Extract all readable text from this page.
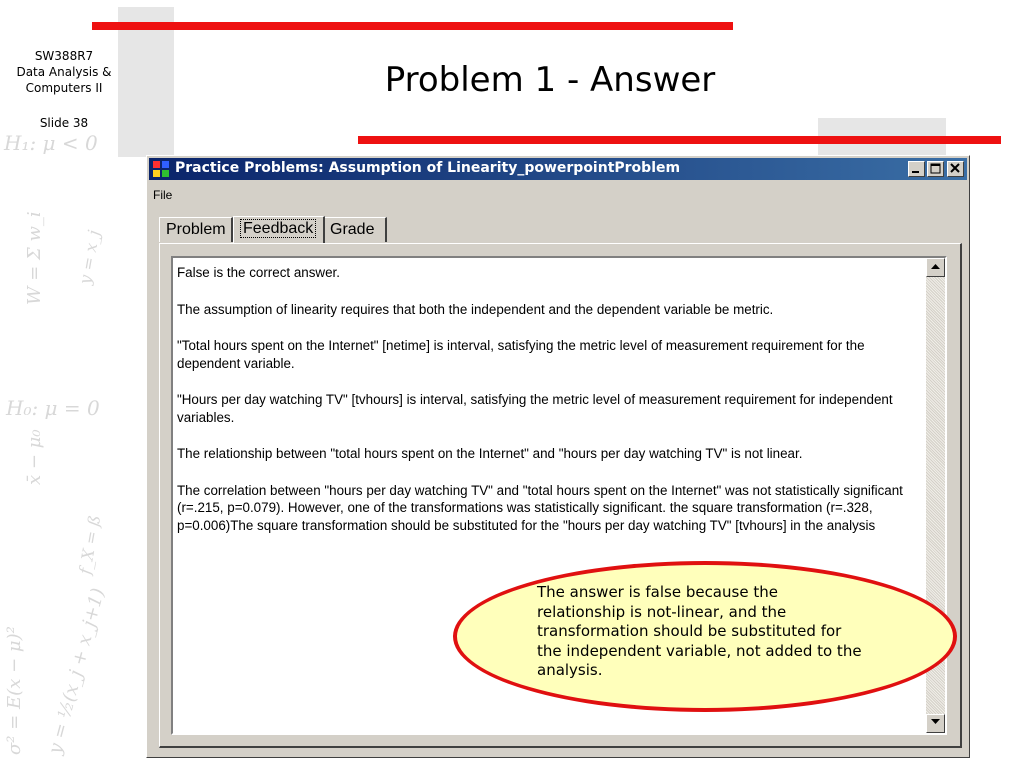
H₁: μ < 0
H₀: μ = 0
x̄ − μ₀
W = Σ w_i
σ² = E(x − μ)² y = ½(x_j + x_j+1)
y = x_j
f_X = ß
SW388R7
Data Analysis &
Computers II
Slide 38
Problem 1 - Answer
Practice Problems: Assumption of Linearity_powerpointProblem
File
Problem	Feedback	Grade

False is the correct answer.

The assumption of linearity requires that both the independent and the dependent variable be metric.

"Total hours spent on the Internet" [netime] is interval, satisfying the metric level of measurement requirement for the dependent variable.

"Hours per day watching TV" [tvhours] is interval, satisfying the metric level of measurement requirement for independent variables.

The relationship between "total hours spent on the Internet" and "hours per day watching TV" is not linear.

The correlation between "hours per day watching TV" and "total hours spent on the Internet" was not statistically significant (r=.215, p=0.079). However, one of the transformations was statistically significant. the square transformation (r=.328, p=0.006)The square transformation should be substituted for the "hours per day watching TV" [tvhours] in the analysis

The answer is false because the relationship is not-linear, and the transformation should be substituted for the independent variable, not added to the analysis.
